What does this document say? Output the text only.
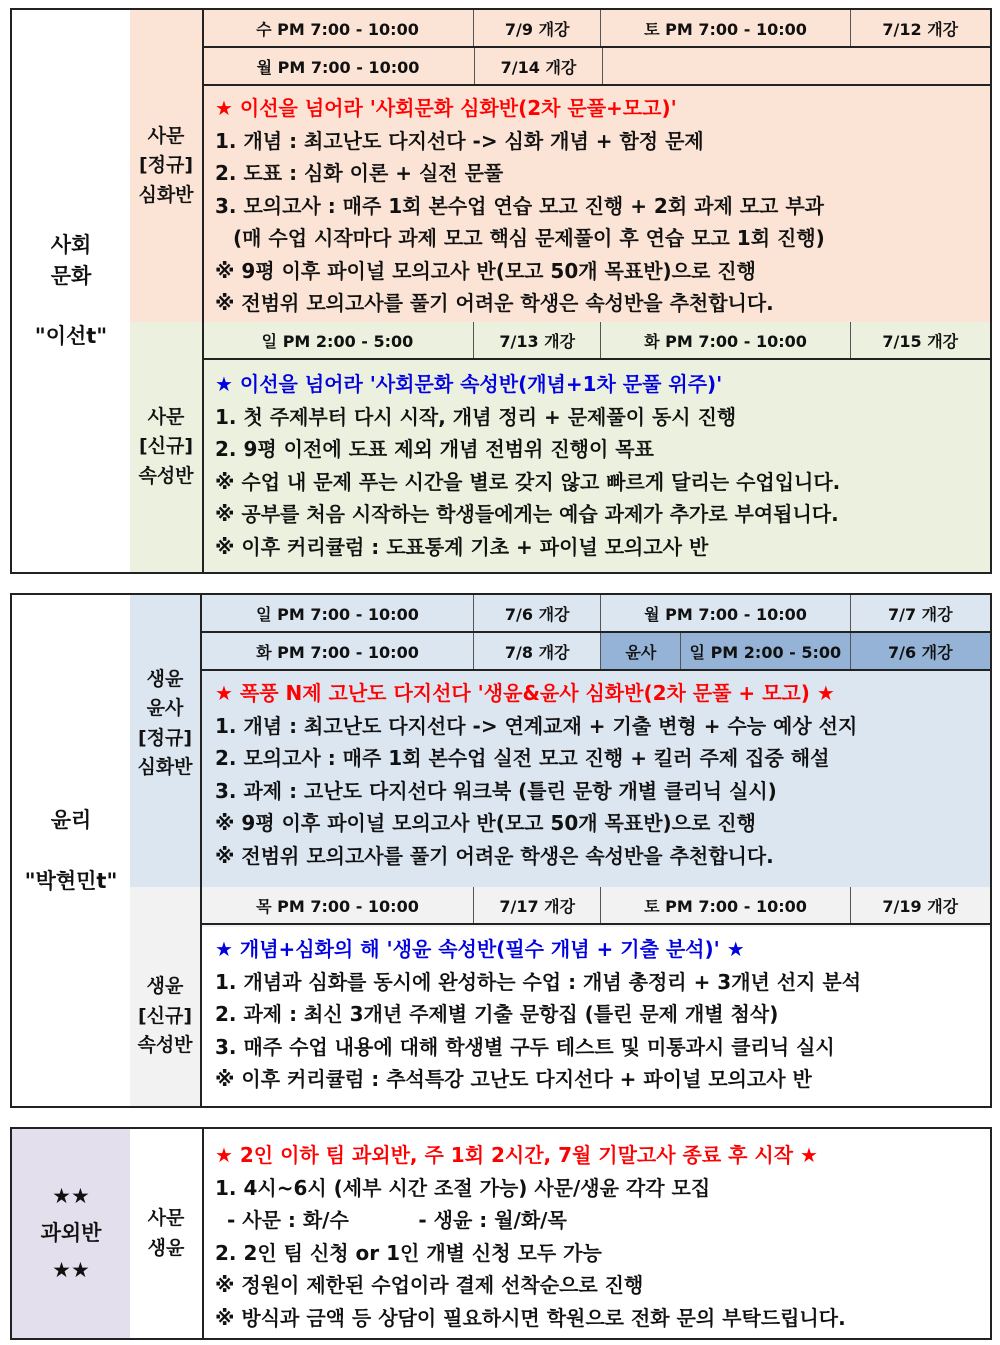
사회
문화
"이선t"
사문
[정규]
심화반
수 PM 7:00 - 10:00	7/9 개강	토 PM 7:00 - 10:00	7/12 개강
월 PM 7:00 - 10:00	7/14 개강
★ 이선을 넘어라 '사회문화 심화반(2차 문풀+모고)'
1. 개념 : 최고난도 다지선다 -> 심화 개념 + 함정 문제
2. 도표 : 심화 이론 + 실전 문풀
3. 모의고사 : 매주 1회 본수업 연습 모고 진행 + 2회 과제 모고 부과
(매 수업 시작마다 과제 모고 핵심 문제풀이 후 연습 모고 1회 진행)
※ 9평 이후 파이널 모의고사 반(모고 50개 목표반)으로 진행
※ 전범위 모의고사를 풀기 어려운 학생은 속성반을 추천합니다.
사문
[신규]
속성반
일 PM 2:00 - 5:00	7/13 개강	화 PM 7:00 - 10:00	7/15 개강
★ 이선을 넘어라 '사회문화 속성반(개념+1차 문풀 위주)'
1. 첫 주제부터 다시 시작, 개념 정리 + 문제풀이 동시 진행
2. 9평 이전에 도표 제외 개념 전범위 진행이 목표
※ 수업 내 문제 푸는 시간을 별로 갖지 않고 빠르게 달리는 수업입니다.
※ 공부를 처음 시작하는 학생들에게는 예습 과제가 추가로 부여됩니다.
※ 이후 커리큘럼 : 도표통계 기초 + 파이널 모의고사 반
윤리
"박현민t"
생윤
윤사
[정규]
심화반
일 PM 7:00 - 10:00	7/6 개강	월 PM 7:00 - 10:00	7/7 개강
화 PM 7:00 - 10:00	7/8 개강	윤사	일 PM 2:00 - 5:00	7/6 개강
★ 폭풍 N제 고난도 다지선다 '생윤&윤사 심화반(2차 문풀 + 모고) ★
1. 개념 : 최고난도 다지선다 -> 연계교재 + 기출 변형 + 수능 예상 선지
2. 모의고사 : 매주 1회 본수업 실전 모고 진행 + 킬러 주제 집중 해설
3. 과제 : 고난도 다지선다 워크북 (틀린 문항 개별 클리닉 실시)
※ 9평 이후 파이널 모의고사 반(모고 50개 목표반)으로 진행
※ 전범위 모의고사를 풀기 어려운 학생은 속성반을 추천합니다.
생윤
[신규]
속성반
목 PM 7:00 - 10:00	7/17 개강	토 PM 7:00 - 10:00	7/19 개강
★ 개념+심화의 해 '생윤 속성반(필수 개념 + 기출 분석)' ★
1. 개념과 심화를 동시에 완성하는 수업 : 개념 총정리 + 3개년 선지 분석
2. 과제 : 최신 3개년 주제별 기출 문항집 (틀린 문제 개별 첨삭)
3. 매주 수업 내용에 대해 학생별 구두 테스트 및 미통과시 클리닉 실시
※ 이후 커리큘럼 : 추석특강 고난도 다지선다 + 파이널 모의고사 반
★★
과외반
★★
사문
생윤
★ 2인 이하 팀 과외반, 주 1회 2시간, 7월 기말고사 종료 후 시작 ★
1. 4시~6시 (세부 시간 조절 가능) 사문/생윤 각각 모집
- 사문 : 화/수          - 생윤 : 월/화/목
2. 2인 팀 신청 or 1인 개별 신청 모두 가능
※ 정원이 제한된 수업이라 결제 선착순으로 진행
※ 방식과 금액 등 상담이 필요하시면 학원으로 전화 문의 부탁드립니다.
